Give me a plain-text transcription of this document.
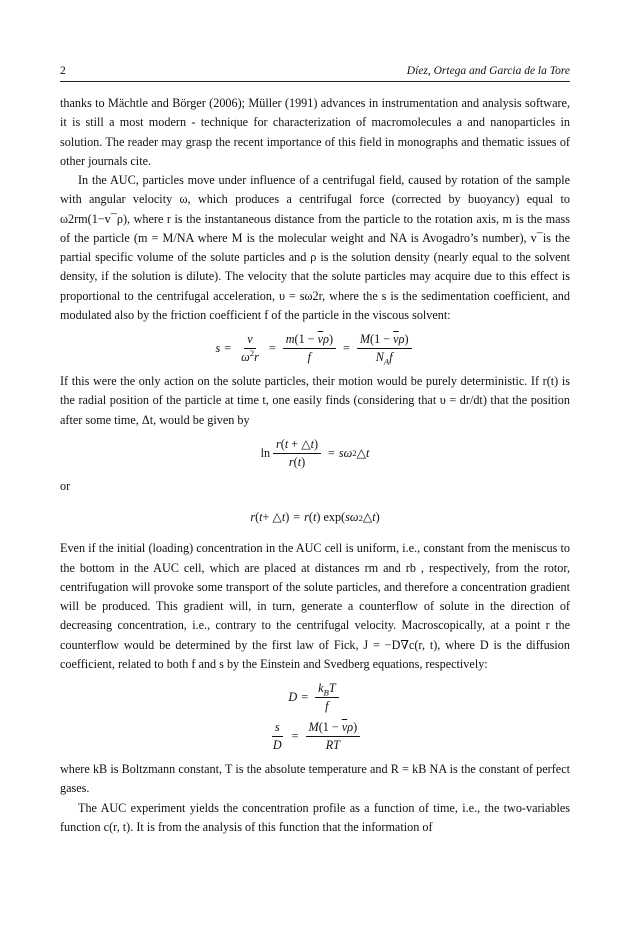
2	Díez, Ortega and Garcia de la Tore

thanks to Mächtle and Börger (2006); Müller (1991) advances in instrumentation and analysis software, it is still a most modern - technique for characterization of macromolecules a and nanoparticles in solution. The reader may grasp the recent importance of this field in monographs and thematic issues of other journals cite.

In the AUC, particles move under influence of a centrifugal field, caused by rotation of the sample with angular velocity ω, which produces a centrifugal force (corrected by buoyancy) equal to ω2rm(1−v¯ρ), where r is the instantaneous distance from the particle to the rotation axis, m is the mass of the particle (m = M/NA where M is the molecular weight and NA is Avogadro’s number), v¯is the partial specific volume of the solute particles and ρ is the solution density (nearly equal to the solvent density, if the solution is dilute). The velocity that the solute particles may acquire due to this effect is proportional to the centrifugal acceleration, υ = sω2r, where the s is the sedimentation coefficient, and modulated also by the friction coefficient f of the particle in the viscous solvent:

$s = \frac{\nu}{\omega^2r} = \frac{m(1 - \overline{\nu}\rho)}{f} = \frac{M(1 - \overline{\nu}\rho)}{N_Af}$

If this were the only action on the solute particles, their motion would be purely deterministic. If r(t) is the radial position of the particle at time t, one easily finds (considering that υ = dr/dt) that the position after some time, Δt, would be given by

$\ln \frac{r(t + \triangle t)}{r(t)} = s\omega$ 2 △ t

or

r ( t + △ t ) = r ( t ) exp( sω 2 △ t )

Even if the initial (loading) concentration in the AUC cell is uniform, i.e., constant from the meniscus to the bottom in the AUC cell, which are placed at distances rm and rb , respectively, from the rotor, centrifugation will provoke some transport of the solute particles, and therefore a concentration gradient will be produced. This gradient will, in turn, generate a counterflow of solute in the direction of decreasing concentration, i.e., contrary to the centrifugal velocity. Macroscopically, at a point r the counterflow would be determined by the first law of Fick, J = −D∇c(r, t), where D is the diffusion coefficient, related to both f and s by the Einstein and Svedberg equations, respectively:

$D = \frac{k_BT}{f}$
$\frac{s}{D} = \frac{M(1 - \overline{v}\rho)}{RT}$

where kB is Boltzmann constant, T is the absolute temperature and R = kB NA is the constant of perfect gases.

The AUC experiment yields the concentration profile as a function of time, i.e., the two-variables function c(r, t). It is from the analysis of this function that the information of
